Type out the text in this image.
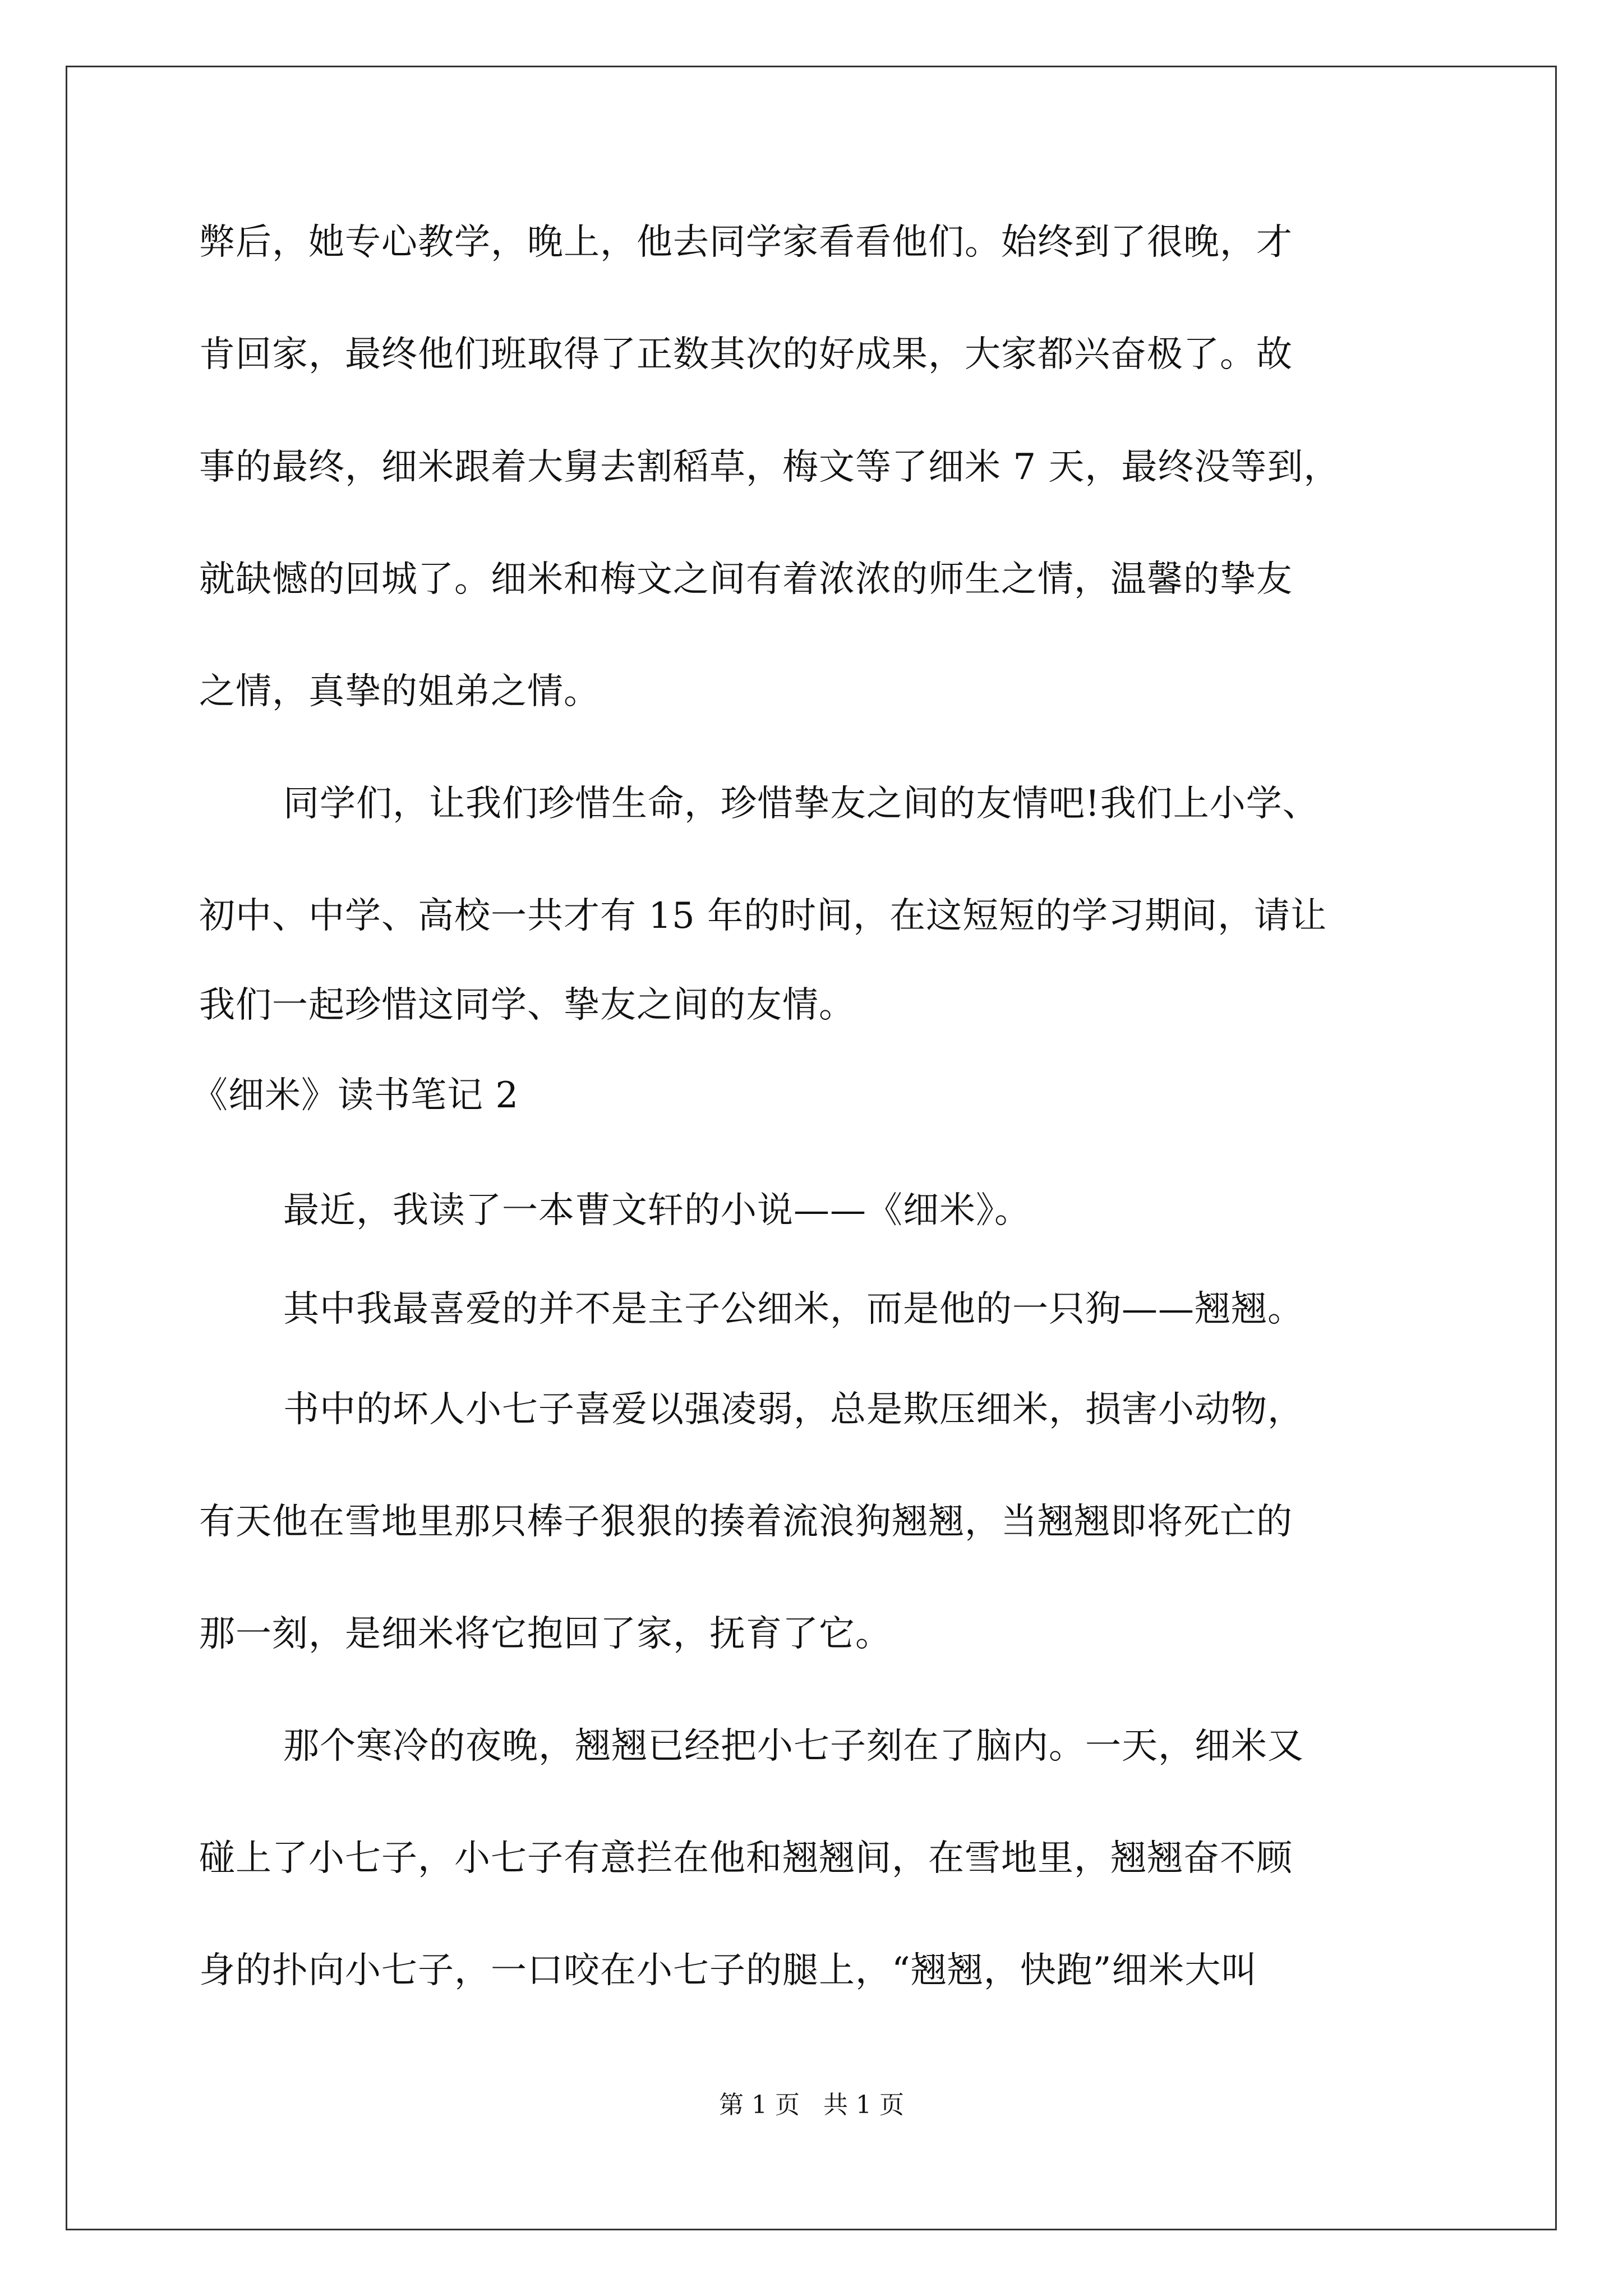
弊后，她专心教学，晚上，他去同学家看看他们。始终到了很晚，才
肯回家，最终他们班取得了正数其次的好成果，大家都兴奋极了。故
事的最终，细米跟着大舅去割稻草，梅文等了细米 7 天，最终没等到，
就缺憾的回城了。细米和梅文之间有着浓浓的师生之情，温馨的挚友
之情，真挚的姐弟之情。
同学们，让我们珍惜生命，珍惜挚友之间的友情吧!我们上小学、
初中、中学、高校一共才有 15 年的时间，在这短短的学习期间，请让
我们一起珍惜这同学、挚友之间的友情。
《细米》读书笔记 2
最近，我读了一本曹文轩的小说——《细米》。
其中我最喜爱的并不是主子公细米，而是他的一只狗——翘翘。
书中的坏人小七子喜爱以强凌弱，总是欺压细米，损害小动物，
有天他在雪地里那只棒子狠狠的揍着流浪狗翘翘，当翘翘即将死亡的
那一刻，是细米将它抱回了家，抚育了它。
那个寒冷的夜晚，翘翘已经把小七子刻在了脑内。一天，细米又
碰上了小七子，小七子有意拦在他和翘翘间，在雪地里，翘翘奋不顾
身的扑向小七子，一口咬在小七子的腿上，“翘翘，快跑”细米大叫
第 1 页   共 1 页
